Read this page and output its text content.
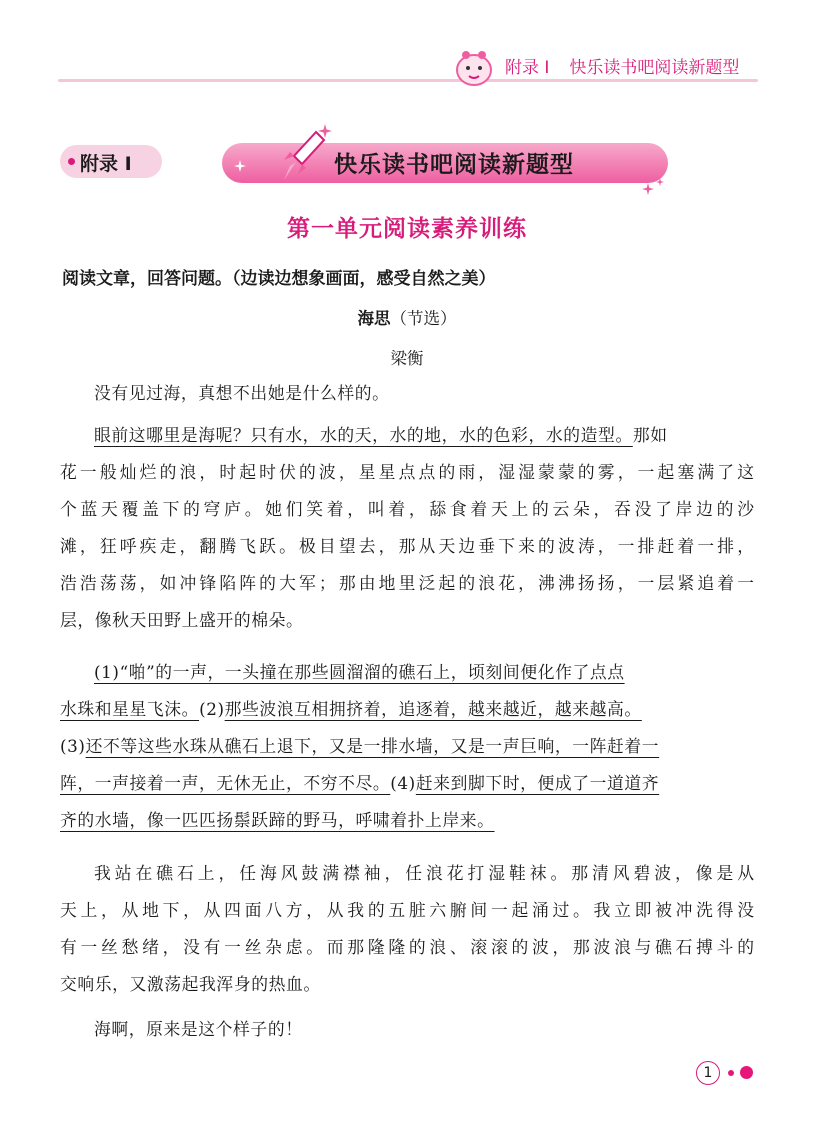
附录 I 快乐读书吧阅读新题型
附录 I	快乐读书吧阅读新题型
第一单元阅读素养训练
阅读文章，回答问题。（边读边想象画面，感受自然之美）
海思（节选）
梁衡
没有见过海，真想不出她是什么样的。
眼前这哪里是海呢？只有水，水的天，水的地，水的色彩，水的造型。那如
花一般灿烂的浪，时起时伏的波，星星点点的雨，湿湿蒙蒙的雾，一起塞满了这
个蓝天覆盖下的穹庐。她们笑着，叫着，舔食着天上的云朵，吞没了岸边的沙
滩，狂呼疾走，翻腾飞跃。极目望去，那从天边垂下来的波涛，一排赶着一排，
浩浩荡荡，如冲锋陷阵的大军；那由地里泛起的浪花，沸沸扬扬，一层紧追着一
层，像秋天田野上盛开的棉朵。
(1)“啪”的一声，一头撞在那些圆溜溜的礁石上，顷刻间便化作了点点
水珠和星星飞沫。(2)那些波浪互相拥挤着，追逐着，越来越近，越来越高。
(3)还不等这些水珠从礁石上退下，又是一排水墙，又是一声巨响，一阵赶着一
阵，一声接着一声，无休无止，不穷不尽。(4)赶来到脚下时，便成了一道道齐
齐的水墙，像一匹匹扬鬃跃蹄的野马，呼啸着扑上岸来。
我站在礁石上，任海风鼓满襟袖，任浪花打湿鞋袜。那清风碧波，像是从
天上，从地下，从四面八方，从我的五脏六腑间一起涌过。我立即被冲洗得没
有一丝愁绪，没有一丝杂虑。而那隆隆的浪、滚滚的波，那波浪与礁石搏斗的
交响乐，又激荡起我浑身的热血。
海啊，原来是这个样子的！
1
